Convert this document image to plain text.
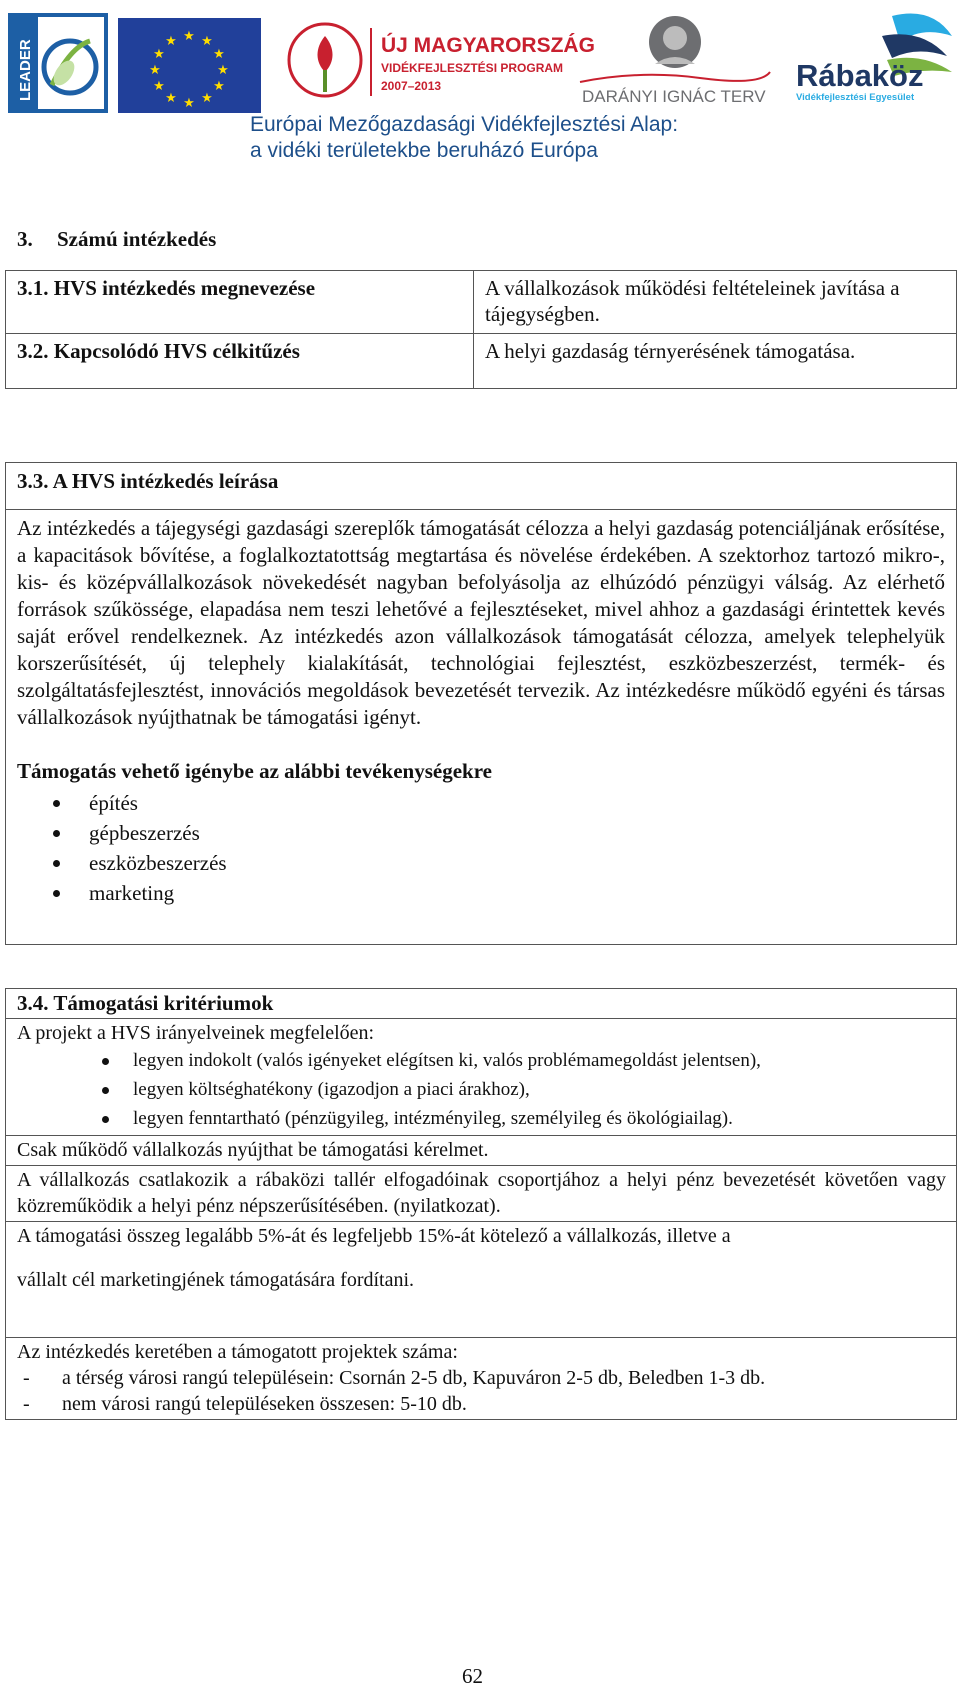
LEADER
★ ★
★
★
★
★
★
★
★
★
★
★	ÚJ MAGYARORSZÁG
VIDÉKFEJLESZTÉSI PROGRAM
2007–2013
DARÁNYI IGNÁC TERV
Rábaköz
Vidékfejlesztési Egyesület
Európai Mezőgazdasági Vidékfejlesztési Alap:
a vidéki területekbe beruházó Európa
3. Számú intézkedés
3.1. HVS intézkedés megnevezése	A vállalkozások működési feltételeinek javítása a tájegységben.
3.2. Kapcsolódó HVS célkitűzés	A helyi gazdaság térnyerésének támogatása.
3.3. A HVS intézkedés leírása

Az intézkedés a tájegységi gazdasági szereplők támogatását célozza a helyi gazdaság potenciáljának erősítése, a kapacitások bővítése, a foglalkoztatottság megtartása és növelése érdekében. A szektorhoz tartozó mikro-, kis- és középvállalkozások növekedését nagyban befolyásolja az elhúzódó pénzügyi válság. Az elérhető források szűkössége, elapadása nem teszi lehetővé a fejlesztéseket, mivel ahhoz a gazdasági érintettek kevés saját erővel rendelkeznek. Az intézkedés azon vállalkozások támogatását célozza, amelyek telephelyük korszerűsítését, új telephely kialakítását, technológiai fejlesztést, eszközbeszerzést, termék- és szolgáltatásfejlesztést, innovációs megoldások bevezetését tervezik. Az intézkedésre működő egyéni és társas vállalkozások nyújthatnak be támogatási igényt.

Támogatás vehető igénybe az alábbi tevékenységekre
építés
gépbeszerzés
eszközbeszerzés
marketing
3.4. Támogatási kritériumok
A projekt a HVS irányelveinek megfelelően:
legyen indokolt (valós igényeket elégítsen ki, valós problémamegoldást jelentsen),
legyen költséghatékony (igazodjon a piaci árakhoz),
legyen fenntartható (pénzügyileg, intézményileg, személyileg és ökológiailag).
Csak működő vállalkozás nyújthat be támogatási kérelmet.
A vállalkozás csatlakozik a rábaközi tallér elfogadóinak csoportjához a helyi pénz bevezetését követően vagy közreműködik a helyi pénz népszerűsítésében. (nyilatkozat).
A támogatási összeg legalább 5%-át és legfeljebb 15%-át kötelező a vállalkozás, illetve a
vállalt cél marketingjének támogatására fordítani.
Az intézkedés keretében a támogatott projektek száma:
- a térség városi rangú településein: Csornán 2-5 db, Kapuváron 2-5 db, Beledben 1-3 db.
- nem városi rangú településeken összesen: 5-10 db.
62
